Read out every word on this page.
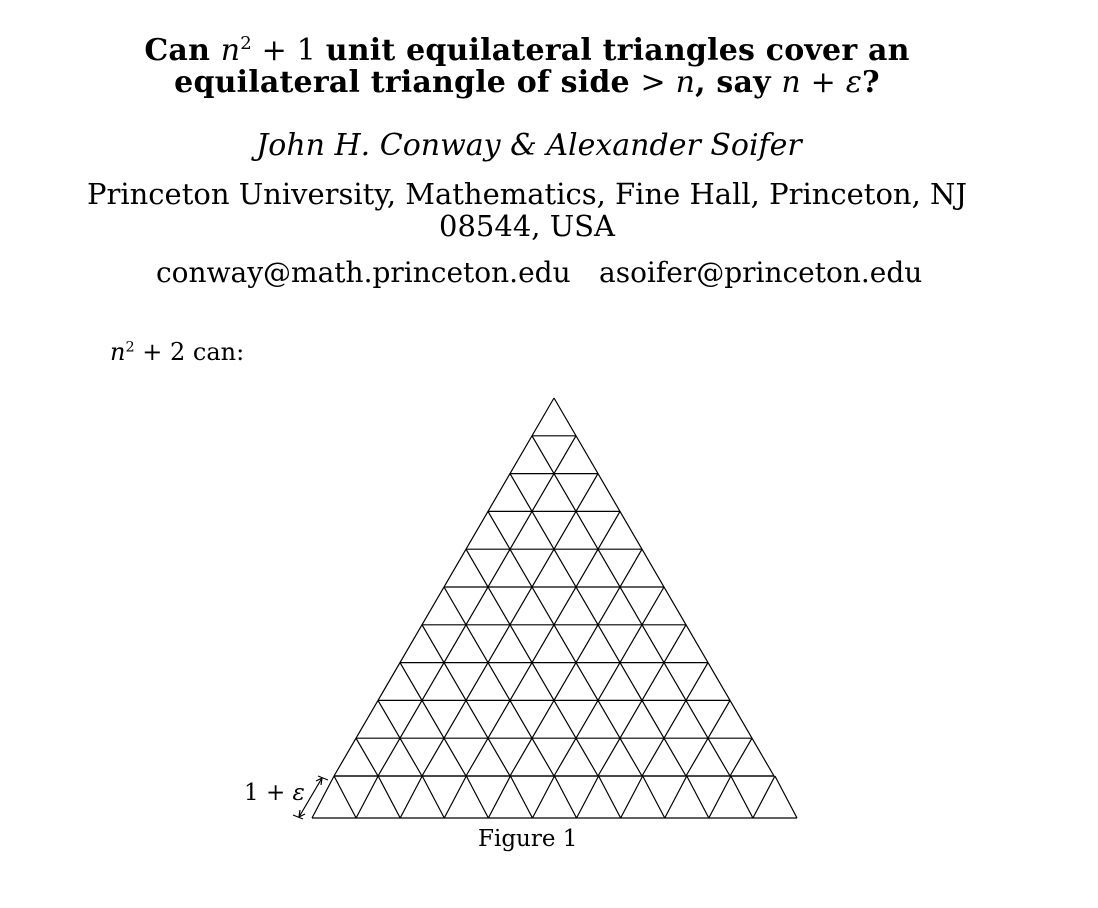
Can $n^2 + 1$ unit equilateral triangles cover an
equilateral triangle of side > n, say n + ε?
John H. Conway & Alexander Soifer
Princeton University, Mathematics, Fine Hall, Princeton, NJ
08544, USA
conway@math.princeton.edu asoifer@princeton.edu
$n^2 + 2$ can:
1 + ε
Figure 1
